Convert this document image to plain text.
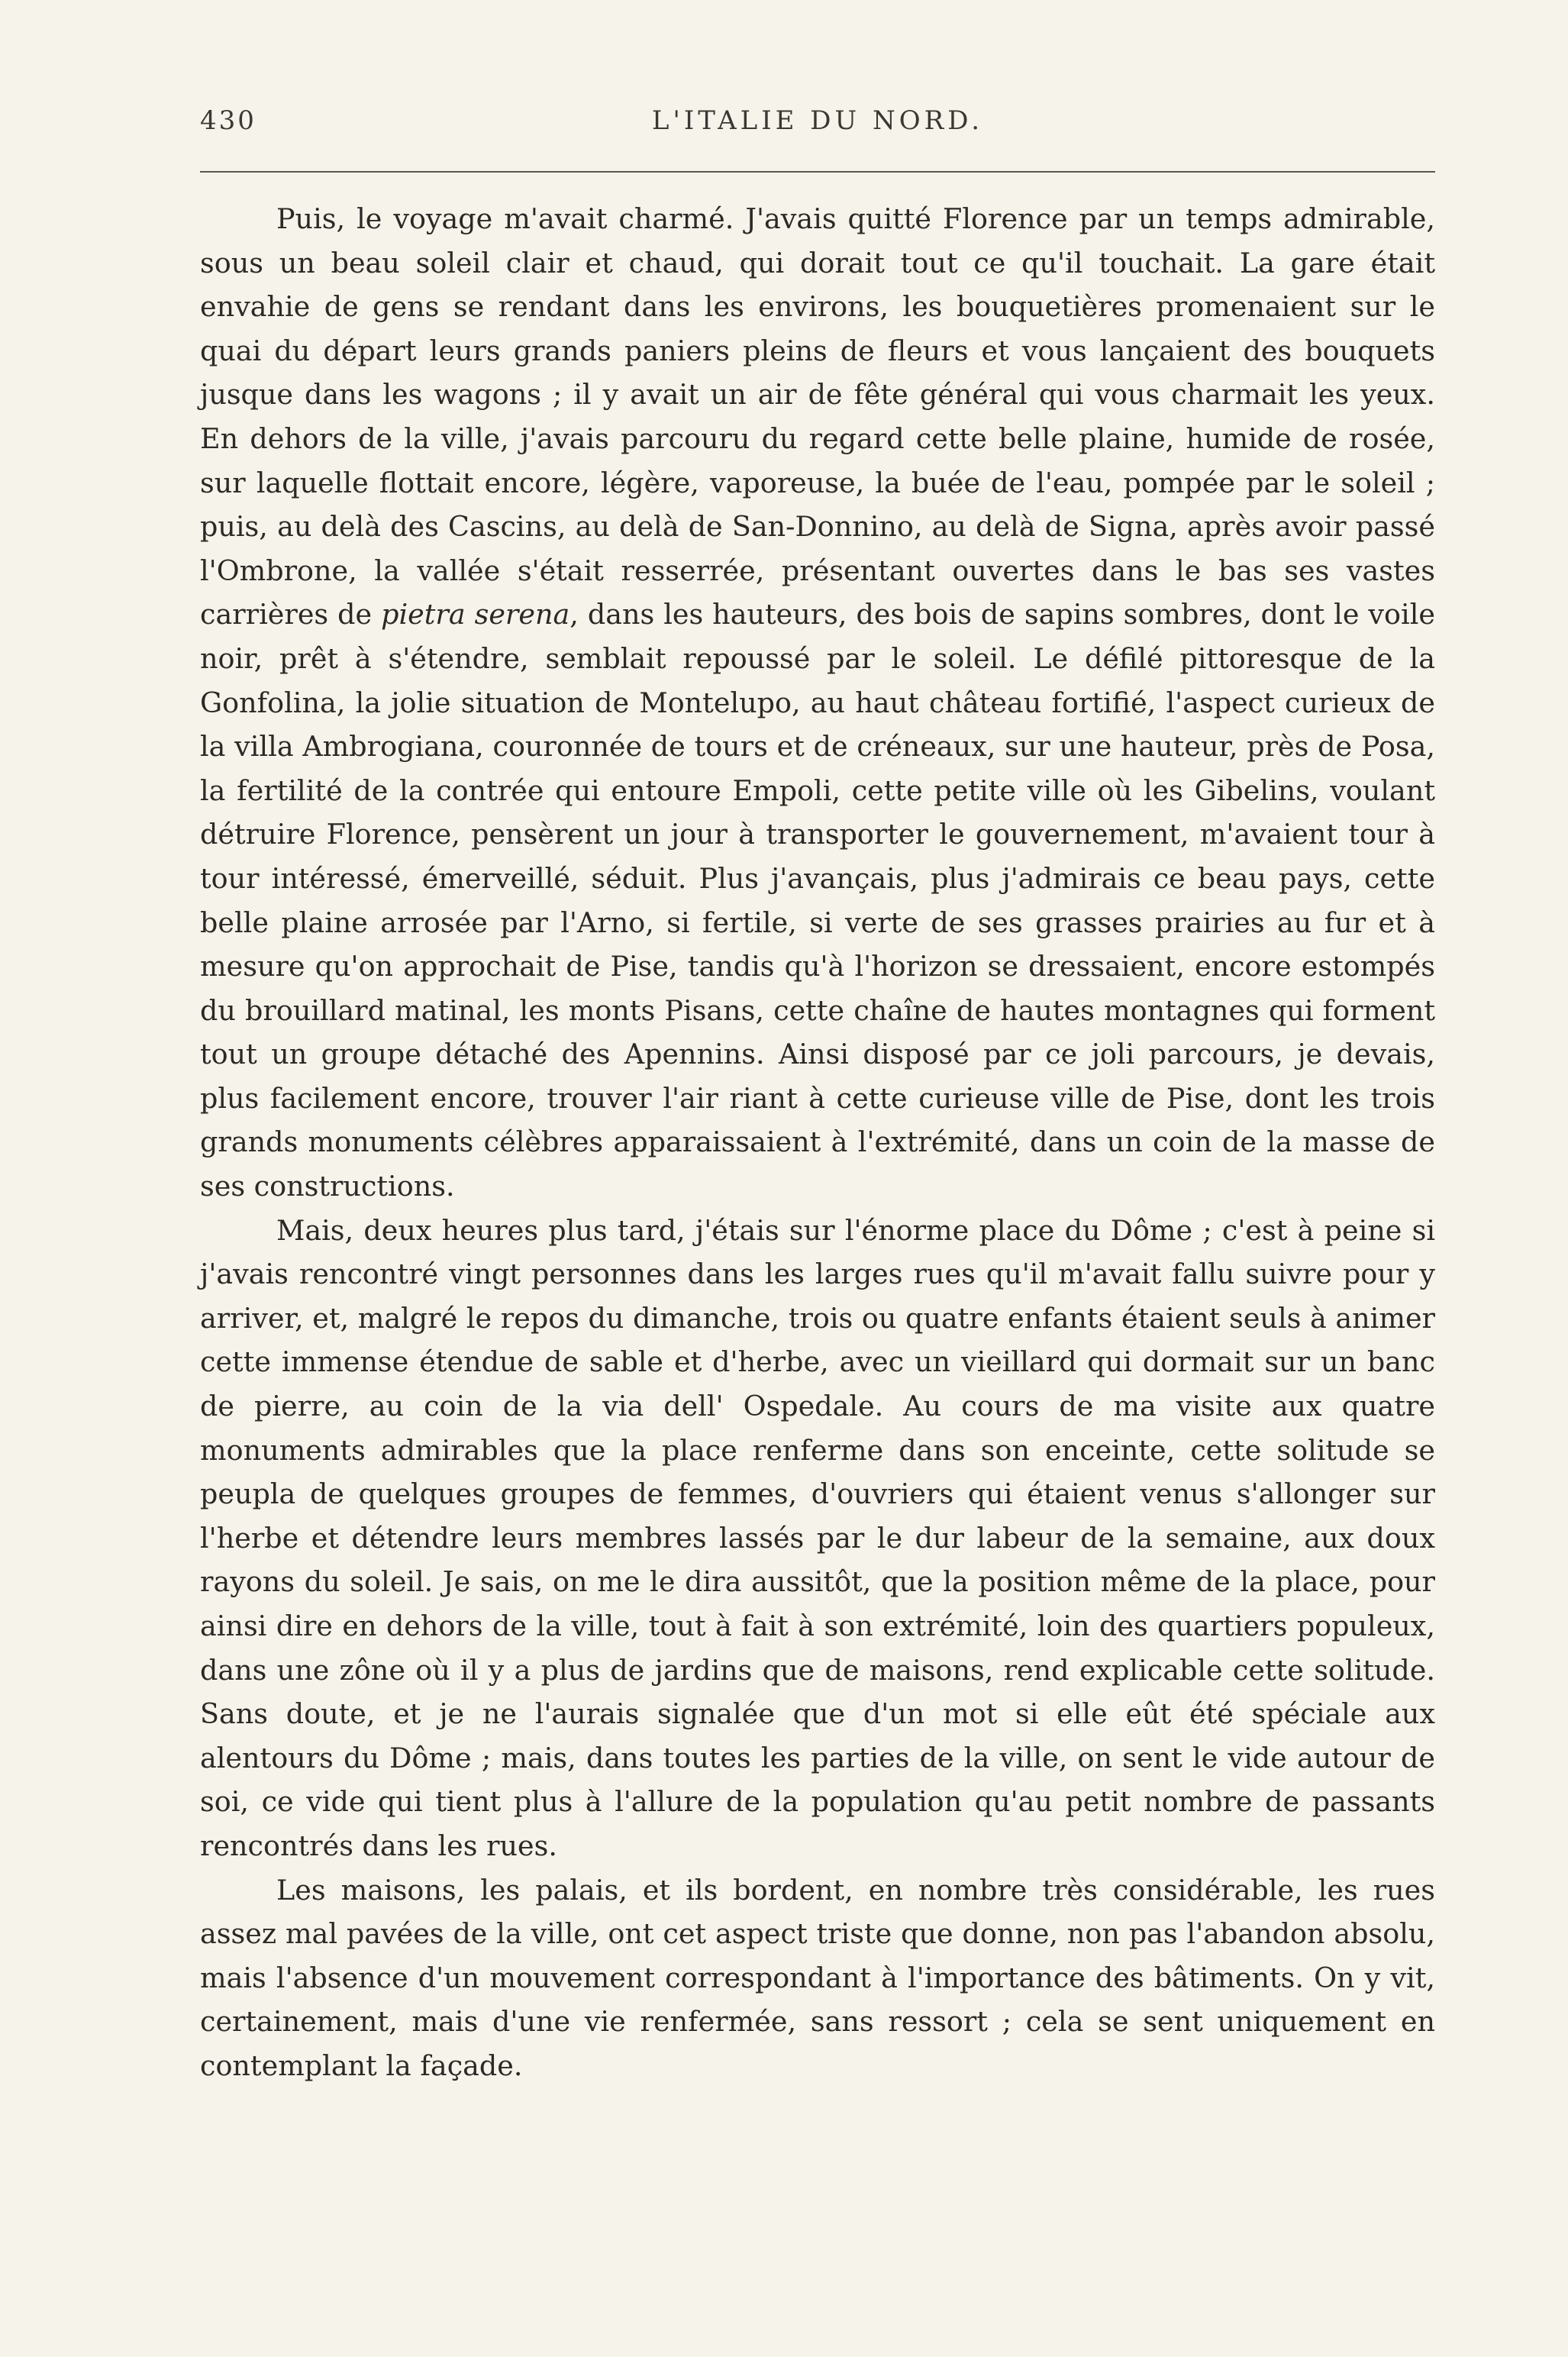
430	L'ITALIE DU NORD.

Puis, le voyage m'avait charmé. J'avais quitté Florence par un temps admirable, sous un beau soleil clair et chaud, qui dorait tout ce qu'il touchait. La gare était envahie de gens se rendant dans les environs, les bouquetières promenaient sur le quai du départ leurs grands paniers pleins de fleurs et vous lançaient des bouquets jusque dans les wagons ; il y avait un air de fête général qui vous charmait les yeux. En dehors de la ville, j'avais parcouru du regard cette belle plaine, humide de rosée, sur laquelle flottait encore, légère, vaporeuse, la buée de l'eau, pompée par le soleil ; puis, au delà des Cascins, au delà de San-Donnino, au delà de Signa, après avoir passé l'Ombrone, la vallée s'était resserrée, présentant ouvertes dans le bas ses vastes carrières de pietra serena, dans les hauteurs, des bois de sapins sombres, dont le voile noir, prêt à s'étendre, semblait repoussé par le soleil. Le défilé pittoresque de la Gonfolina, la jolie situation de Montelupo, au haut château fortifié, l'aspect curieux de la villa Ambrogiana, couronnée de tours et de créneaux, sur une hauteur, près de Posa, la fertilité de la contrée qui entoure Empoli, cette petite ville où les Gibelins, voulant détruire Florence, pensèrent un jour à transporter le gouvernement, m'avaient tour à tour intéressé, émerveillé, séduit. Plus j'avançais, plus j'admirais ce beau pays, cette belle plaine arrosée par l'Arno, si fertile, si verte de ses grasses prairies au fur et à mesure qu'on approchait de Pise, tandis qu'à l'horizon se dressaient, encore estompés du brouillard matinal, les monts Pisans, cette chaîne de hautes montagnes qui forment tout un groupe détaché des Apennins. Ainsi disposé par ce joli parcours, je devais, plus facilement encore, trouver l'air riant à cette curieuse ville de Pise, dont les trois grands monuments célèbres apparaissaient à l'extrémité, dans un coin de la masse de ses constructions.

Mais, deux heures plus tard, j'étais sur l'énorme place du Dôme ; c'est à peine si j'avais rencontré vingt personnes dans les larges rues qu'il m'avait fallu suivre pour y arriver, et, malgré le repos du dimanche, trois ou quatre enfants étaient seuls à animer cette immense étendue de sable et d'herbe, avec un vieillard qui dormait sur un banc de pierre, au coin de la via dell' Ospedale. Au cours de ma visite aux quatre monuments admirables que la place renferme dans son enceinte, cette solitude se peupla de quelques groupes de femmes, d'ouvriers qui étaient venus s'allonger sur l'herbe et détendre leurs membres lassés par le dur labeur de la semaine, aux doux rayons du soleil. Je sais, on me le dira aussitôt, que la position même de la place, pour ainsi dire en dehors de la ville, tout à fait à son extrémité, loin des quartiers populeux, dans une zône où il y a plus de jardins que de maisons, rend explicable cette solitude. Sans doute, et je ne l'aurais signalée que d'un mot si elle eût été spéciale aux alentours du Dôme ; mais, dans toutes les parties de la ville, on sent le vide autour de soi, ce vide qui tient plus à l'allure de la population qu'au petit nombre de passants rencontrés dans les rues.

Les maisons, les palais, et ils bordent, en nombre très considérable, les rues assez mal pavées de la ville, ont cet aspect triste que donne, non pas l'abandon absolu, mais l'absence d'un mouvement correspondant à l'importance des bâtiments. On y vit, certainement, mais d'une vie renfermée, sans ressort ; cela se sent uniquement en contemplant la façade.
